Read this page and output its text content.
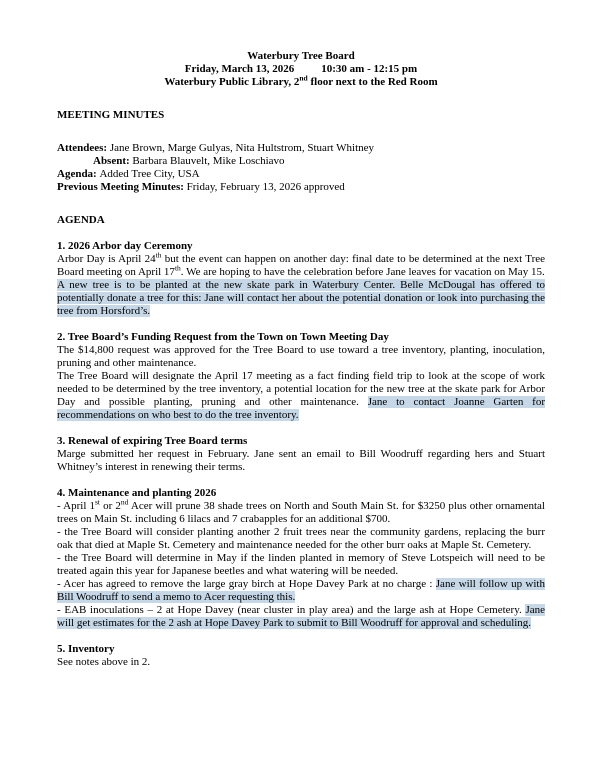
Waterbury Tree Board
Friday, March 13, 2026 10:30 am - 12:15 pm
Waterbury Public Library, 2nd floor next to the Red Room
MEETING MINUTES
Attendees: Jane Brown, Marge Gulyas, Nita Hultstrom, Stuart Whitney
Absent: Barbara Blauvelt, Mike Loschiavo
Agenda: Added Tree City, USA
Previous Meeting Minutes: Friday, February 13, 2026 approved
AGENDA
1. 2026 Arbor day Ceremony
Arbor Day is April 24th but the event can happen on another day: final date to be determined at the next Tree Board meeting on April 17th. We are hoping to have the celebration before Jane leaves for vacation on May 15.
A new tree is to be planted at the new skate park in Waterbury Center. Belle McDougal has offered to potentially donate a tree for this: Jane will contact her about the potential donation or look into purchasing the tree from Horsford’s.
2. Tree Board’s Funding Request from the Town on Town Meeting Day
The $14,800 request was approved for the Tree Board to use toward a tree inventory, planting, inoculation, pruning and other maintenance.
The Tree Board will designate the April 17 meeting as a fact finding field trip to look at the scope of work needed to be determined by the tree inventory, a potential location for the new tree at the skate park for Arbor Day and possible planting, pruning and other maintenance. Jane to contact Joanne Garten for recommendations on who best to do the tree inventory.
3. Renewal of expiring Tree Board terms
Marge submitted her request in February. Jane sent an email to Bill Woodruff regarding hers and Stuart Whitney’s interest in renewing their terms.
4. Maintenance and planting 2026
- April 1st or 2nd Acer will prune 38 shade trees on North and South Main St. for $3250 plus other ornamental trees on Main St. including 6 lilacs and 7 crabapples for an additional $700.
- the Tree Board will consider planting another 2 fruit trees near the community gardens, replacing the burr oak that died at Maple St. Cemetery and maintenance needed for the other burr oaks at Maple St. Cemetery.
- the Tree Board will determine in May if the linden planted in memory of Steve Lotspeich will need to be treated again this year for Japanese beetles and what watering will be needed.
- Acer has agreed to remove the large gray birch at Hope Davey Park at no charge : Jane will follow up with Bill Woodruff to send a memo to Acer requesting this.
- EAB inoculations – 2 at Hope Davey (near cluster in play area) and the large ash at Hope Cemetery. Jane will get estimates for the 2 ash at Hope Davey Park to submit to Bill Woodruff for approval and scheduling.
5. Inventory
See notes above in 2.
